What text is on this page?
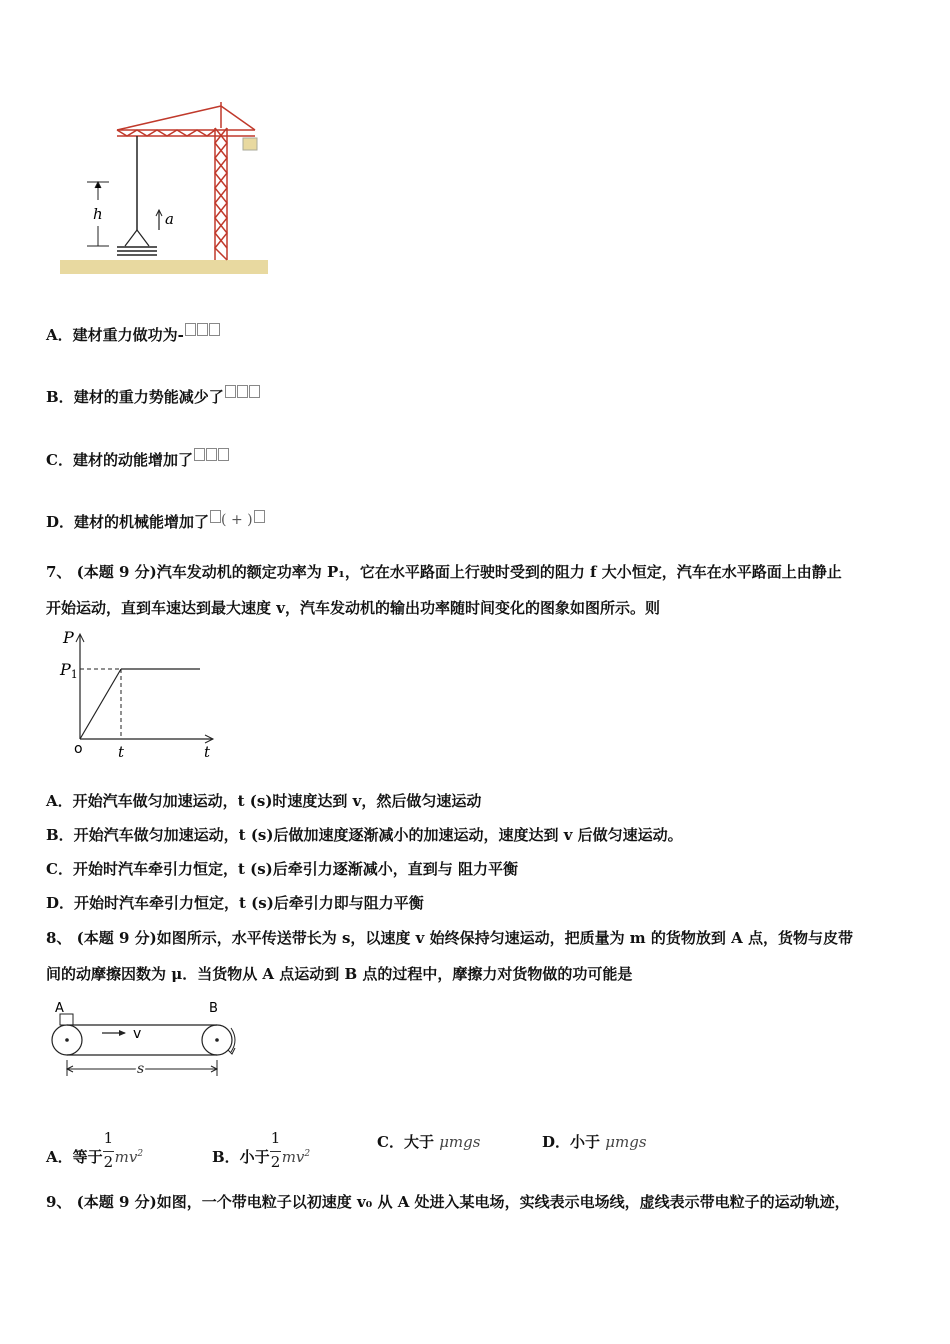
h	a
A．建材重力做功为-
B．建材的重力势能减少了
C．建材的动能增加了
D．建材的机械能增加了 ( + )
7、 (本题 9 分)汽车发动机的额定功率为 P₁，它在水平路面上行驶时受到的阻力 f 大小恒定，汽车在水平路面上由静止
开始运动，直到车速达到最大速度 v，汽车发动机的输出功率随时间变化的图象如图所示。则
P
P1
o t	t
A．开始汽车做匀加速运动，t (s)时速度达到 v，然后做匀速运动
B．开始汽车做匀加速运动，t (s)后做加速度逐渐减小的加速运动，速度达到 v 后做匀速运动。
C．开始时汽车牵引力恒定，t (s)后牵引力逐渐减小，直到与 阻力平衡
D．开始时汽车牵引力恒定，t (s)后牵引力即与阻力平衡
8、 (本题 9 分)如图所示，水平传送带长为 s，以速度 v 始终保持匀速运动，把质量为 m 的货物放到 A 点，货物与皮带
间的动摩擦因数为 μ．当货物从 A 点运动到 B 点的过程中，摩擦力对货物做的功可能是
A	B
v
s
A．等于 $\frac{1}{2} mv^2$	B．小于 $\frac{1}{2} mv^2$
C．大于 μmgs	D．小于 μmgs
9、 (本题 9 分)如图，一个带电粒子以初速度 v₀ 从 A 处进入某电场，实线表示电场线，虚线表示带电粒子的运动轨迹，
